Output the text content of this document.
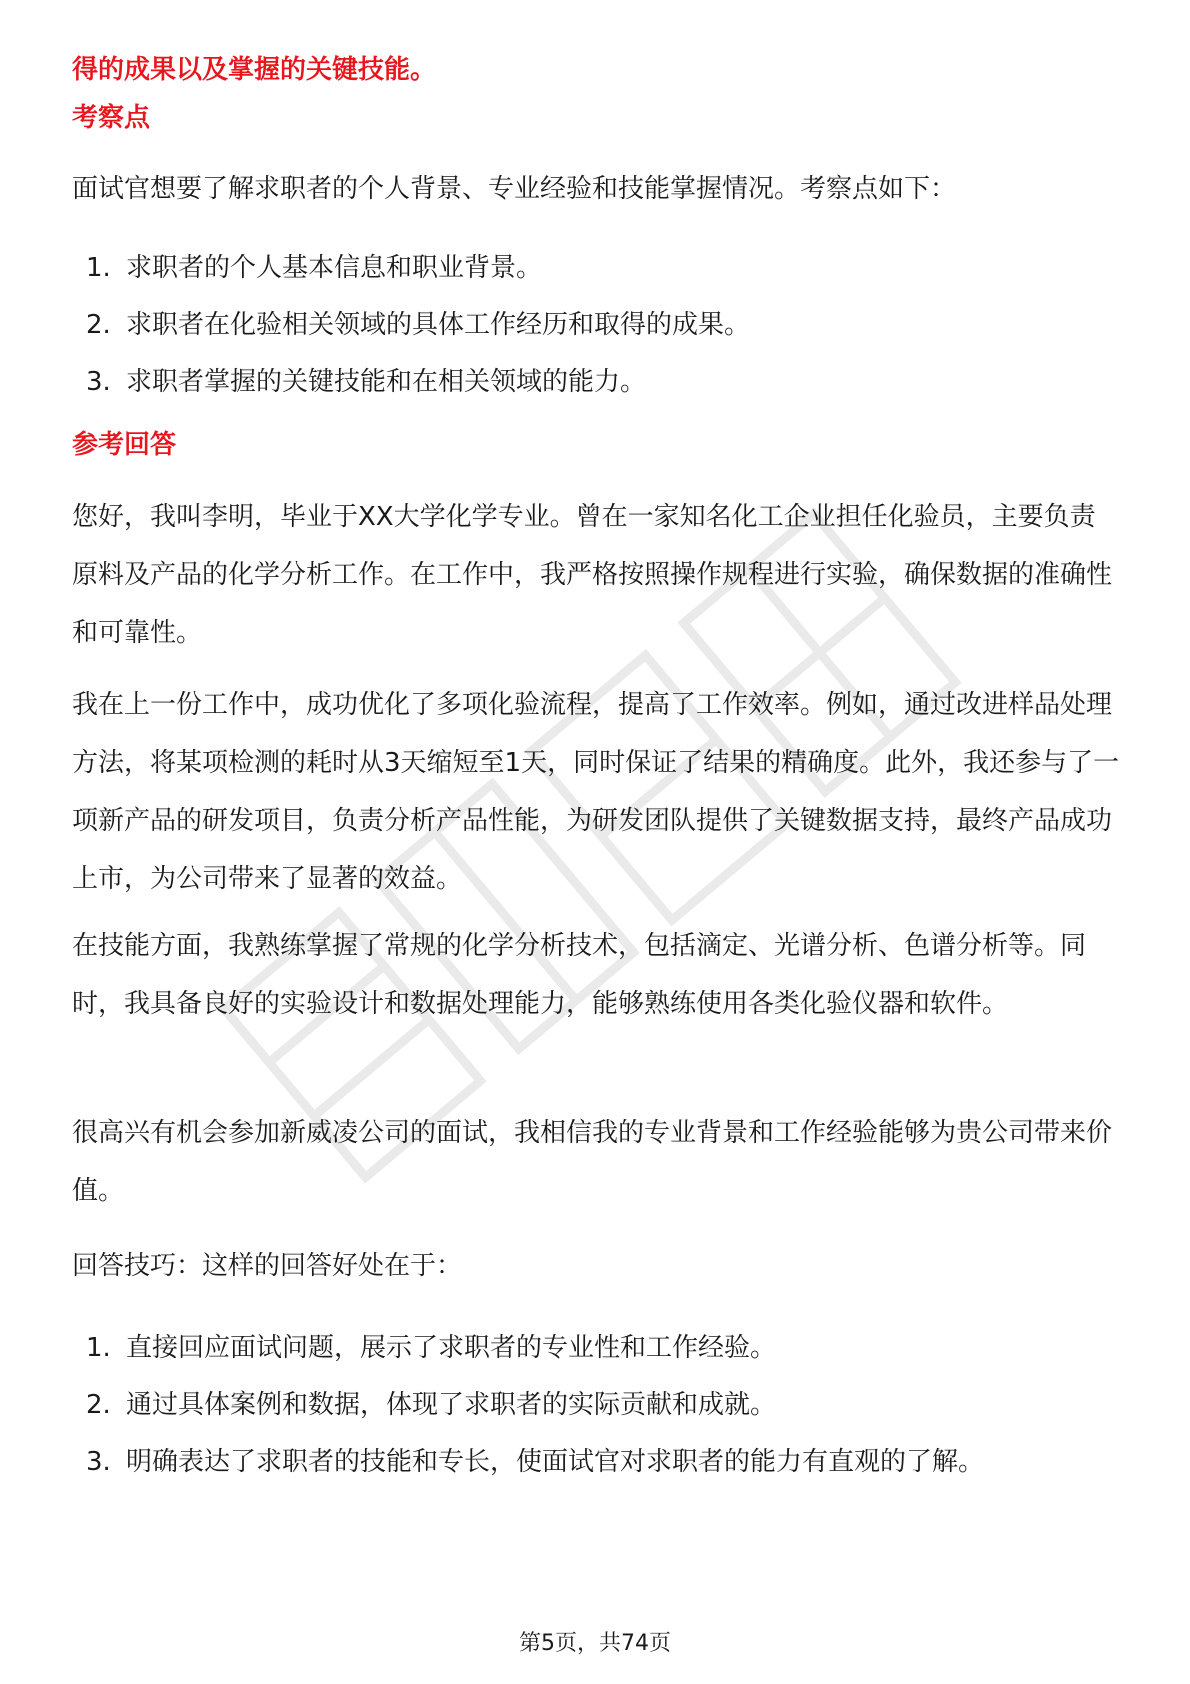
得的成果以及掌握的关键技能。

考察点

面试官想要了解求职者的个人背景、专业经验和技能掌握情况。考察点如下：

1. 求职者的个人基本信息和职业背景。
2. 求职者在化验相关领域的具体工作经历和取得的成果。
3. 求职者掌握的关键技能和在相关领域的能力。
参考回答

您好，我叫李明，毕业于XX大学化学专业。曾在一家知名化工企业担任化验员，主要负责原料及产品的化学分析工作。在工作中，我严格按照操作规程进行实验，确保数据的准确性和可靠性。

我在上一份工作中，成功优化了多项化验流程，提高了工作效率。例如，通过改进样品处理方法，将某项检测的耗时从3天缩短至1天，同时保证了结果的精确度。此外，我还参与了一项新产品的研发项目，负责分析产品性能，为研发团队提供了关键数据支持，最终产品成功上市，为公司带来了显著的效益。

在技能方面，我熟练掌握了常规的化学分析技术，包括滴定、光谱分析、色谱分析等。同时，我具备良好的实验设计和数据处理能力，能够熟练使用各类化验仪器和软件。

很高兴有机会参加新威凌公司的面试，我相信我的专业背景和工作经验能够为贵公司带来价值。

回答技巧：这样的回答好处在于：

1. 直接回应面试问题，展示了求职者的专业性和工作经验。
2. 通过具体案例和数据，体现了求职者的实际贡献和成就。
3. 明确表达了求职者的技能和专长，使面试官对求职者的能力有直观的了解。
第5页，共74页
